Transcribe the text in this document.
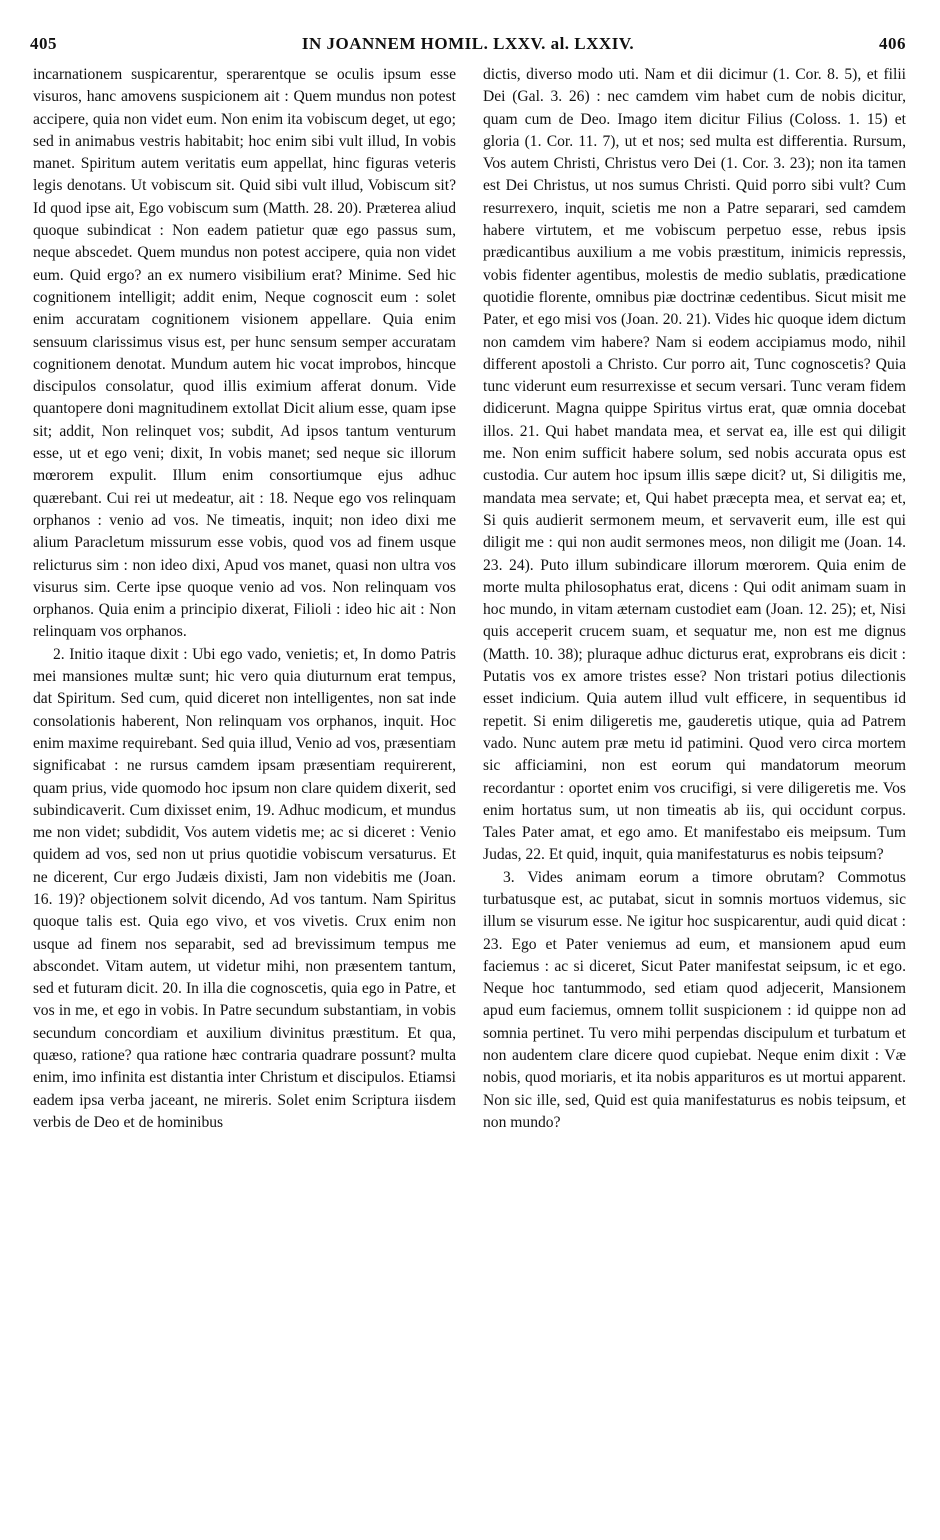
405	IN JOANNEM HOMIL. LXXV. al. LXXIV.	406

incarnationem suspicarentur, sperarentque se oculis ipsum esse visuros, hanc amovens suspicionem ait : Quem mundus non potest accipere, quia non videt eum. Non enim ita vobiscum deget, ut ego; sed in animabus vestris habitabit; hoc enim sibi vult illud, In vobis manet. Spiritum autem veritatis eum appellat, hinc figuras veteris legis denotans. Ut vobiscum sit. Quid sibi vult illud, Vobiscum sit? Id quod ipse ait, Ego vobiscum sum (Matth. 28. 20). Præterea aliud quoque subindicat : Non eadem patietur quæ ego passus sum, neque abscedet. Quem mundus non potest accipere, quia non videt eum. Quid ergo? an ex numero visibilium erat? Minime. Sed hic cognitionem intelligit; addit enim, Neque cognoscit eum : solet enim accuratam cognitionem visionem appellare. Quia enim sensuum clarissimus visus est, per hunc sensum semper accuratam cognitionem denotat. Mundum autem hic vocat improbos, hincque discipulos consolatur, quod illis eximium afferat donum. Vide quantopere doni magnitudinem extollat Dicit alium esse, quam ipse sit; addit, Non relinquet vos; subdit, Ad ipsos tantum venturum esse, ut et ego veni; dixit, In vobis manet; sed neque sic illorum mœrorem expulit. Illum enim consortiumque ejus adhuc quærebant. Cui rei ut medeatur, ait : 18. Neque ego vos relinquam orphanos : venio ad vos. Ne timeatis, inquit; non ideo dixi me alium Paracletum missurum esse vobis, quod vos ad finem usque relicturus sim : non ideo dixi, Apud vos manet, quasi non ultra vos visurus sim. Certe ipse quoque venio ad vos. Non relinquam vos orphanos. Quia enim a principio dixerat, Filioli : ideo hic ait : Non relinquam vos orphanos.

2. Initio itaque dixit : Ubi ego vado, venietis; et, In domo Patris mei mansiones multæ sunt; hic vero quia diuturnum erat tempus, dat Spiritum. Sed cum, quid diceret non intelligentes, non sat inde consolationis haberent, Non relinquam vos orphanos, inquit. Hoc enim maxime requirebant. Sed quia illud, Venio ad vos, præsentiam significabat : ne rursus camdem ipsam præsentiam requirerent, quam prius, vide quomodo hoc ipsum non clare quidem dixerit, sed subindicaverit. Cum dixisset enim, 19. Adhuc modicum, et mundus me non videt; subdidit, Vos autem videtis me; ac si diceret : Venio quidem ad vos, sed non ut prius quotidie vobiscum versaturus. Et ne dicerent, Cur ergo Judæis dixisti, Jam non videbitis me (Joan. 16. 19)? objectionem solvit dicendo, Ad vos tantum. Nam Spiritus quoque talis est. Quia ego vivo, et vos vivetis. Crux enim non usque ad finem nos separabit, sed ad brevissimum tempus me abscondet. Vitam autem, ut videtur mihi, non præsentem tantum, sed et futuram dicit. 20. In illa die cognoscetis, quia ego in Patre, et vos in me, et ego in vobis. In Patre secundum substantiam, in vobis secundum concordiam et auxilium divinitus præstitum. Et qua, quæso, ratione? qua ratione hæc contraria quadrare possunt? multa enim, imo infinita est distantia inter Christum et discipulos. Etiamsi eadem ipsa verba jaceant, ne mireris. Solet enim Scriptura iisdem verbis de Deo et de hominibus

dictis, diverso modo uti. Nam et dii dicimur (1. Cor. 8. 5), et filii Dei (Gal. 3. 26) : nec camdem vim habet cum de nobis dicitur, quam cum de Deo. Imago item dicitur Filius (Coloss. 1. 15) et gloria (1. Cor. 11. 7), ut et nos; sed multa est differentia. Rursum, Vos autem Christi, Christus vero Dei (1. Cor. 3. 23); non ita tamen est Dei Christus, ut nos sumus Christi. Quid porro sibi vult? Cum resurrexero, inquit, scietis me non a Patre separari, sed camdem habere virtutem, et me vobiscum perpetuo esse, rebus ipsis prædicantibus auxilium a me vobis præstitum, inimicis repressis, vobis fidenter agentibus, molestis de medio sublatis, prædicatione quotidie florente, omnibus piæ doctrinæ cedentibus. Sicut misit me Pater, et ego misi vos (Joan. 20. 21). Vides hic quoque idem dictum non camdem vim habere? Nam si eodem accipiamus modo, nihil different apostoli a Christo. Cur porro ait, Tunc cognoscetis? Quia tunc viderunt eum resurrexisse et secum versari. Tunc veram fidem didicerunt. Magna quippe Spiritus virtus erat, quæ omnia docebat illos. 21. Qui habet mandata mea, et servat ea, ille est qui diligit me. Non enim sufficit habere solum, sed nobis accurata opus est custodia. Cur autem hoc ipsum illis sæpe dicit? ut, Si diligitis me, mandata mea servate; et, Qui habet præcepta mea, et servat ea; et, Si quis audierit sermonem meum, et servaverit eum, ille est qui diligit me : qui non audit sermones meos, non diligit me (Joan. 14. 23. 24). Puto illum subindicare illorum mœrorem. Quia enim de morte multa philosophatus erat, dicens : Qui odit animam suam in hoc mundo, in vitam æternam custodiet eam (Joan. 12. 25); et, Nisi quis acceperit crucem suam, et sequatur me, non est me dignus (Matth. 10. 38); pluraque adhuc dicturus erat, exprobrans eis dicit : Putatis vos ex amore tristes esse? Non tristari potius dilectionis esset indicium. Quia autem illud vult efficere, in sequentibus id repetit. Si enim diligeretis me, gauderetis utique, quia ad Patrem vado. Nunc autem præ metu id patimini. Quod vero circa mortem sic afficiamini, non est eorum qui mandatorum meorum recordantur : oportet enim vos crucifigi, si vere diligeretis me. Vos enim hortatus sum, ut non timeatis ab iis, qui occidunt corpus. Tales Pater amat, et ego amo. Et manifestabo eis meipsum. Tum Judas, 22. Et quid, inquit, quia manifestaturus es nobis teipsum?

3. Vides animam eorum a timore obrutam? Commotus turbatusque est, ac putabat, sicut in somnis mortuos videmus, sic illum se visurum esse. Ne igitur hoc suspicarentur, audi quid dicat : 23. Ego et Pater veniemus ad eum, et mansionem apud eum faciemus : ac si diceret, Sicut Pater manifestat seipsum, ic et ego. Neque hoc tantummodo, sed etiam quod adjecerit, Mansionem apud eum faciemus, omnem tollit suspicionem : id quippe non ad somnia pertinet. Tu vero mihi perpendas discipulum et turbatum et non audentem clare dicere quod cupiebat. Neque enim dixit : Væ nobis, quod moriaris, et ita nobis apparituros es ut mortui apparent. Non sic ille, sed, Quid est quia manifestaturus es nobis teipsum, et non mundo?
